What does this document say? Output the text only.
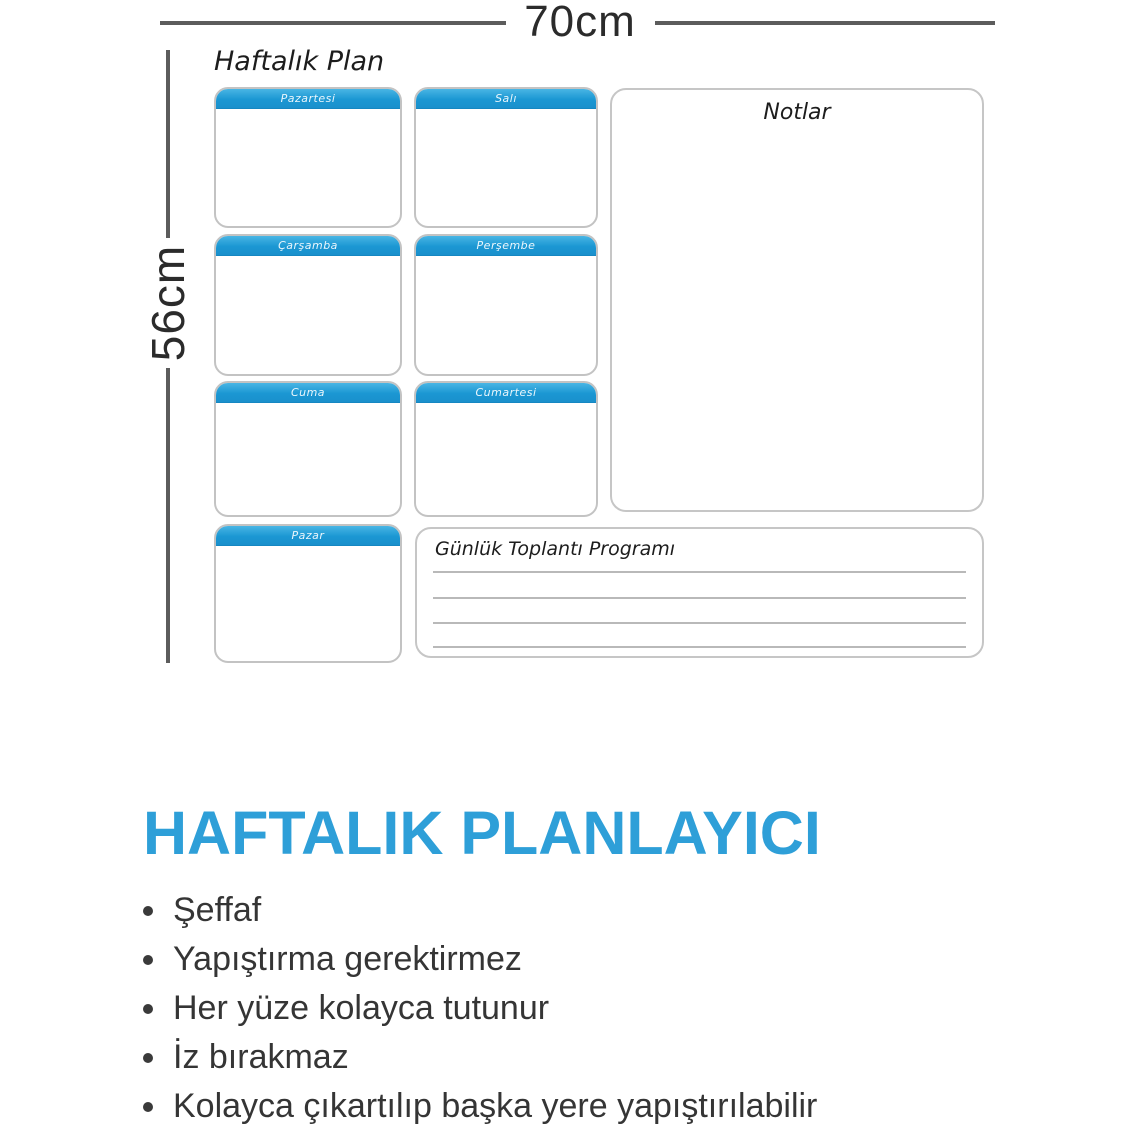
70cm
56cm
Haftalık Plan
Pazartesi	Salı
Çarşamba	Perşembe
Cuma	Cumartesi
Pazar
Notlar
Günlük Toplantı Programı
HAFTALIK PLANLAYICI
Şeffaf
Yapıştırma gerektirmez
Her yüze kolayca tutunur
İz bırakmaz
Kolayca çıkartılıp başka yere yapıştırılabilir
